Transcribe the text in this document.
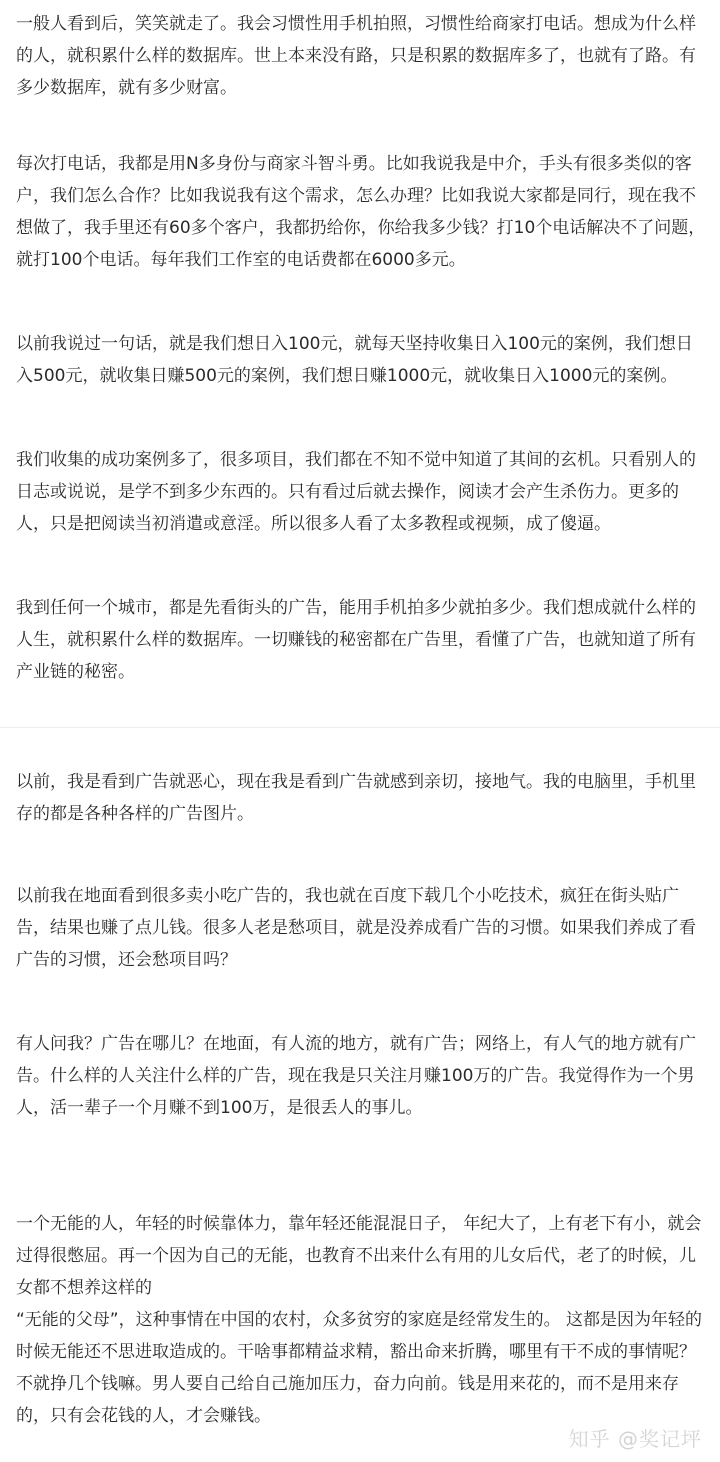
一般人看到后，笑笑就走了。我会习惯性用手机拍照，习惯性给商家打电话。想成为什么样的人，就积累什么样的数据库。世上本来没有路，只是积累的数据库多了，也就有了路。有多少数据库，就有多少财富。

每次打电话，我都是用N多身份与商家斗智斗勇。比如我说我是中介，手头有很多类似的客户，我们怎么合作？比如我说我有这个需求，怎么办理？比如我说大家都是同行，现在我不想做了，我手里还有60多个客户，我都扔给你，你给我多少钱？打10个电话解决不了问题，就打100个电话。每年我们工作室的电话费都在6000多元。

以前我说过一句话，就是我们想日入100元，就每天坚持收集日入100元的案例，我们想日入500元，就收集日赚500元的案例，我们想日赚1000元，就收集日入1000元的案例。

我们收集的成功案例多了，很多项目，我们都在不知不觉中知道了其间的玄机。只看别人的日志或说说，是学不到多少东西的。只有看过后就去操作，阅读才会产生杀伤力。更多的人，只是把阅读当初消遣或意淫。所以很多人看了太多教程或视频，成了傻逼。

我到任何一个城市，都是先看街头的广告，能用手机拍多少就拍多少。我们想成就什么样的人生，就积累什么样的数据库。一切赚钱的秘密都在广告里，看懂了广告，也就知道了所有产业链的秘密。

以前，我是看到广告就恶心，现在我是看到广告就感到亲切，接地气。我的电脑里，手机里存的都是各种各样的广告图片。

以前我在地面看到很多卖小吃广告的，我也就在百度下载几个小吃技术，疯狂在街头贴广告，结果也赚了点儿钱。很多人老是愁项目，就是没养成看广告的习惯。如果我们养成了看广告的习惯，还会愁项目吗？

有人问我？广告在哪儿？在地面，有人流的地方，就有广告；网络上，有人气的地方就有广告。什么样的人关注什么样的广告，现在我是只关注月赚100万的广告。我觉得作为一个男人，活一辈子一个月赚不到100万，是很丢人的事儿。

一个无能的人，年轻的时候靠体力，靠年轻还能混混日子， 年纪大了，上有老下有小，就会过得很憋屈。再一个因为自己的无能，也教育不出来什么有用的儿女后代，老了的时候，儿女都不想养这样的

“无能的父母”，这种事情在中国的农村，众多贫穷的家庭是经常发生的。 这都是因为年轻的时候无能还不思进取造成的。干啥事都精益求精，豁出命来折腾，哪里有干不成的事情呢？不就挣几个钱嘛。男人要自己给自己施加压力，奋力向前。钱是用来花的，而不是用来存的，只有会花钱的人，才会赚钱。

知乎 @奖记坪
